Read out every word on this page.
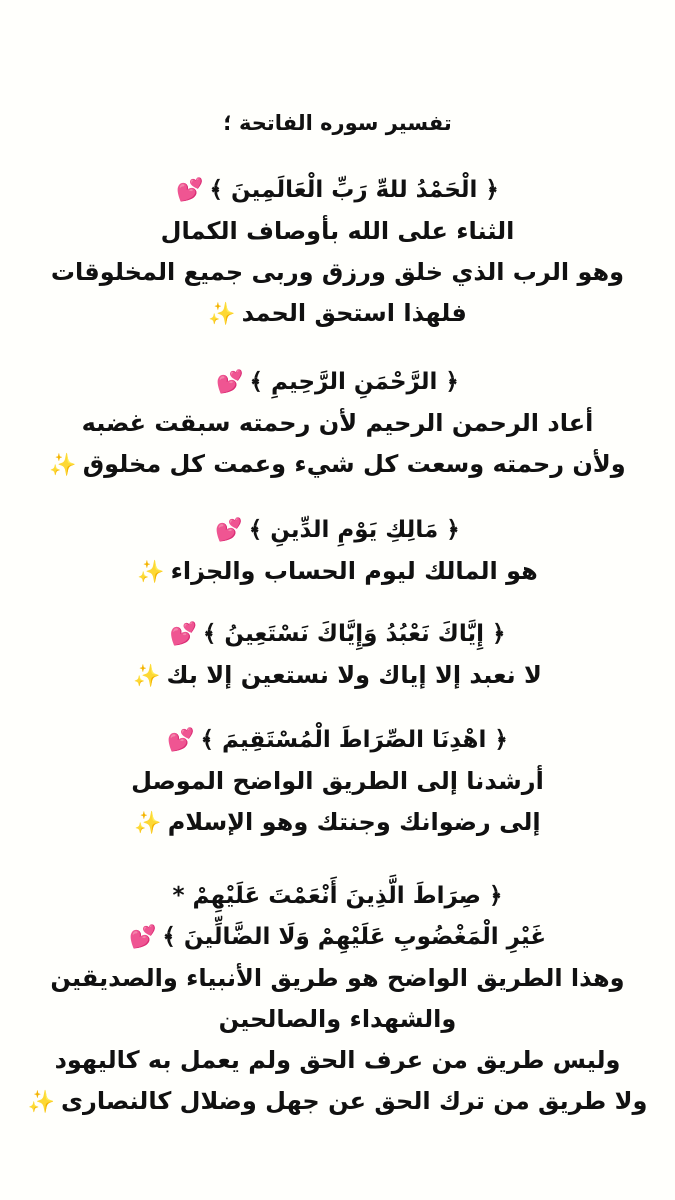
تفسير سوره الفاتحة ؛
﴿ الْحَمْدُ للهِّ رَبِّ الْعَالَمِينَ ﴾💕
الثناء على الله بأوصاف الكمال
وهو الرب الذي خلق ورزق وربى جميع المخلوقات
فلهذا استحق الحمد✨
﴿ الرَّحْمَنِ الرَّحِيمِ ﴾💕
أعاد الرحمن الرحيم لأن رحمته سبقت غضبه
ولأن رحمته وسعت كل شيء وعمت كل مخلوق✨
﴿ مَالِكِ يَوْمِ الدِّينِ ﴾💕
هو المالك ليوم الحساب والجزاء✨
﴿ إِيَّاكَ نَعْبُدُ وَإِيَّاكَ نَسْتَعِينُ ﴾💕
لا نعبد إلا إياك ولا نستعين إلا بك✨
﴿ اهْدِنَا الصِّرَاطَ الْمُسْتَقِيمَ ﴾💕
أرشدنا إلى الطريق الواضح الموصل
إلى رضوانك وجنتك وهو الإسلام✨
﴿ صِرَاطَ الَّذِينَ أَنْعَمْتَ عَلَيْهِمْ *
غَيْرِ الْمَغْضُوبِ عَلَيْهِمْ وَلَا الضَّالِّينَ ﴾💕
وهذا الطريق الواضح هو طريق الأنبياء والصديقين
والشهداء والصالحين
وليس طريق من عرف الحق ولم يعمل به كاليهود
ولا طريق من ترك الحق عن جهل وضلال كالنصارى✨
